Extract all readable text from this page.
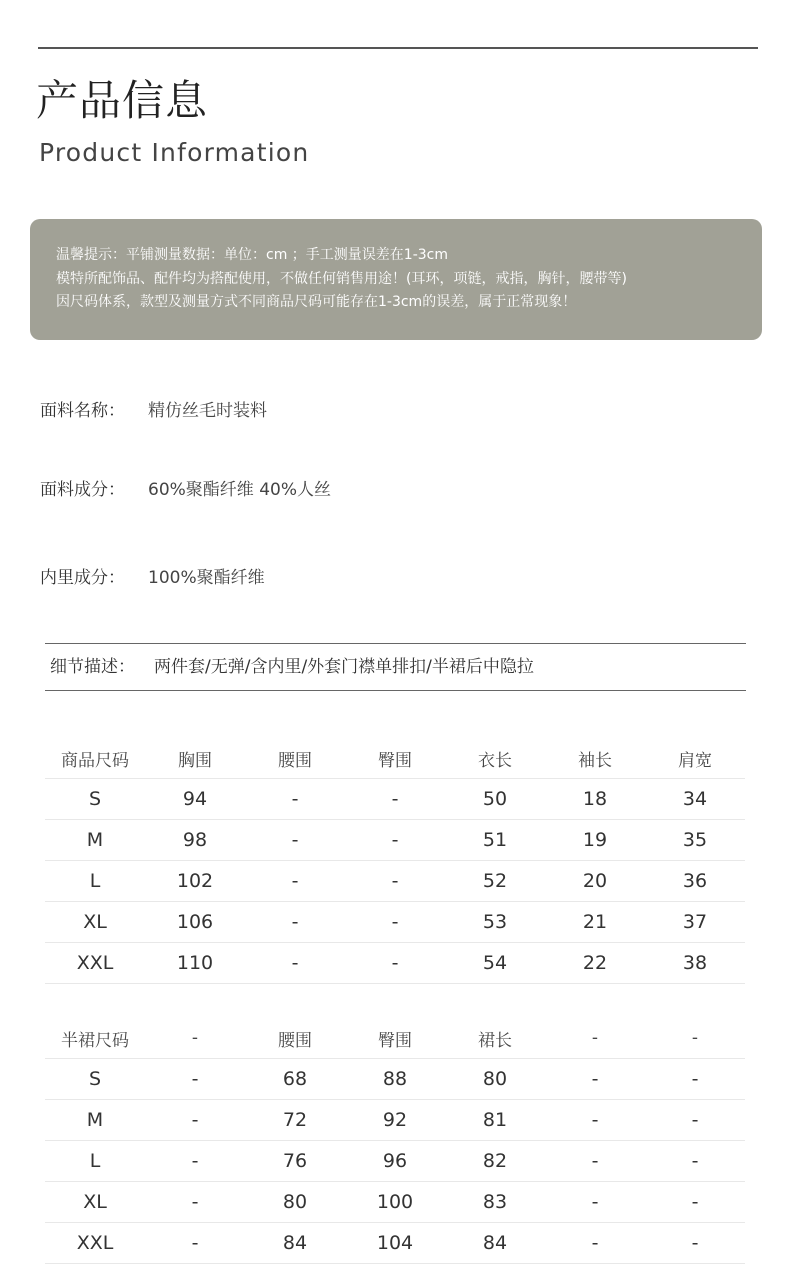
产品信息
Product Information
温馨提示：平铺测量数据：单位：cm ；手工测量误差在1-3cm
模特所配饰品、配件均为搭配使用，不做任何销售用途！(耳环，项链，戒指，胸针，腰带等)
因尺码体系，款型及测量方式不同商品尺码可能存在1-3cm的误差，属于正常现象！
面料名称： 精仿丝毛时装料
面料成分： 60%聚酯纤维 40%人丝
内里成分： 100%聚酯纤维
细节描述： 两件套/无弹/含内里/外套门襟单排扣/半裙后中隐拉
商品尺码	胸围	腰围	臀围	衣长	袖长	肩宽
S	94	-	-	50	18	34
M	98	-	-	51	19	35
L	102	-	-	52	20	36
XL	106	-	-	53	21	37
XXL	110	-	-	54	22	38
半裙尺码	-	腰围	臀围	裙长	-	-
S	-	68	88	80	-	-
M	-	72	92	81	-	-
L	-	76	96	82	-	-
XL	-	80	100	83	-	-
XXL	-	84	104	84	-	-
